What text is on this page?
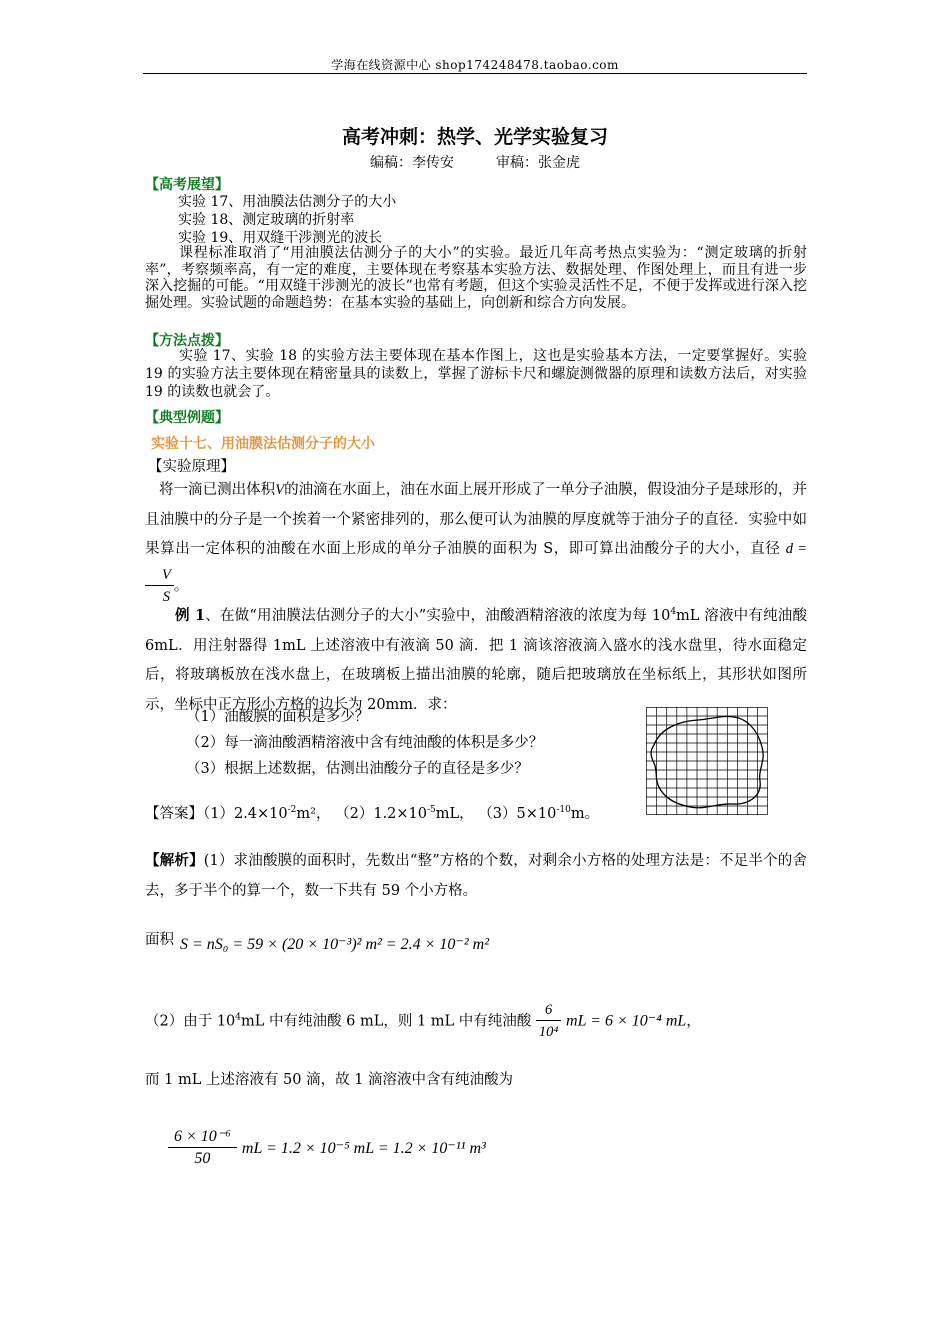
学海在线资源中心 shop174248478.taobao.com
高考冲刺：热学、光学实验复习
编稿：李传安	审稿：张金虎
【高考展望】
实验 17、用油膜法估测分子的大小
实验 18、测定玻璃的折射率
实验 19、用双缝干涉测光的波长
课程标准取消了“用油膜法估测分子的大小”的实验。最近几年高考热点实验为：“测定玻璃的折射率”，考察频率高，有一定的难度，主要体现在考察基本实验方法、数据处理、作图处理上，而且有进一步深入挖掘的可能。“用双缝干涉测光的波长”也常有考题，但这个实验灵活性不足，不便于发挥或进行深入挖掘处理。实验试题的命题趋势：在基本实验的基础上，向创新和综合方向发展。
【方法点拨】
实验 17、实验 18 的实验方法主要体现在基本作图上，这也是实验基本方法，一定要掌握好。实验 19 的实验方法主要体现在精密量具的读数上，掌握了游标卡尺和螺旋测微器的原理和读数方法后，对实验 19 的读数也就会了。
【典型例题】
实验十七、用油膜法估测分子的大小
【实验原理】
将一滴已测出体积V的油滴在水面上，油在水面上展开形成了一单分子油膜，假设油分子是球形的，并且油膜中的分子是一个挨着一个紧密排列的，那么便可认为油膜的厚度就等于油分子的直径．实验中如果算出一定体积的油酸在水面上形成的单分子油膜的面积为 S，即可算出油酸分子的大小，直径 d =
$\frac{V}{S}$ 。
例 1、在做“用油膜法估测分子的大小”实验中，油酸酒精溶液的浓度为每 $10^4mL$ 溶液中有纯油酸 6mL．用注射器得 1mL 上述溶液中有液滴 50 滴．把 1 滴该溶液滴入盛水的浅水盘里，待水面稳定后，将玻璃板放在浅水盘上，在玻璃板上描出油膜的轮廓，随后把玻璃放在坐标纸上，其形状如图所示，坐标中正方形小方格的边长为 20mm．求：
（1）油酸膜的面积是多少？
（2）每一滴油酸酒精溶液中含有纯油酸的体积是多少？
（3）根据上述数据，估测出油酸分子的直径是多少？
【答案】$(1)2.4\times 10^{-2}m^2$， $(2)1.2\times 10^{-5}mL$， $(3)5\times 10^{-10}m$。
【解析】(1）求油酸膜的面积时，先数出“整”方格的个数，对剩余小方格的处理方法是：不足半个的舍去，多于半个的算一个，数一下共有 59 个小方格。
面积 S = nS₀ = 59 × (20 × 10⁻³)² m² = 2.4 × 10⁻² m²
（2）由于 $10^4mL$ 中有纯油酸 6 mL，则 1 mL 中有纯油酸 $\frac{6}{\text{10⁴}}$ mL = 6 × 10⁻⁴ mL，
而 1 mL 上述溶液有 50 滴，故 1 滴溶液中含有纯油酸为
$\frac{\text{6 × 10⁻⁶}}{50}$ mL = 1.2 × 10⁻⁵ mL = 1.2 × 10⁻¹¹ m³
